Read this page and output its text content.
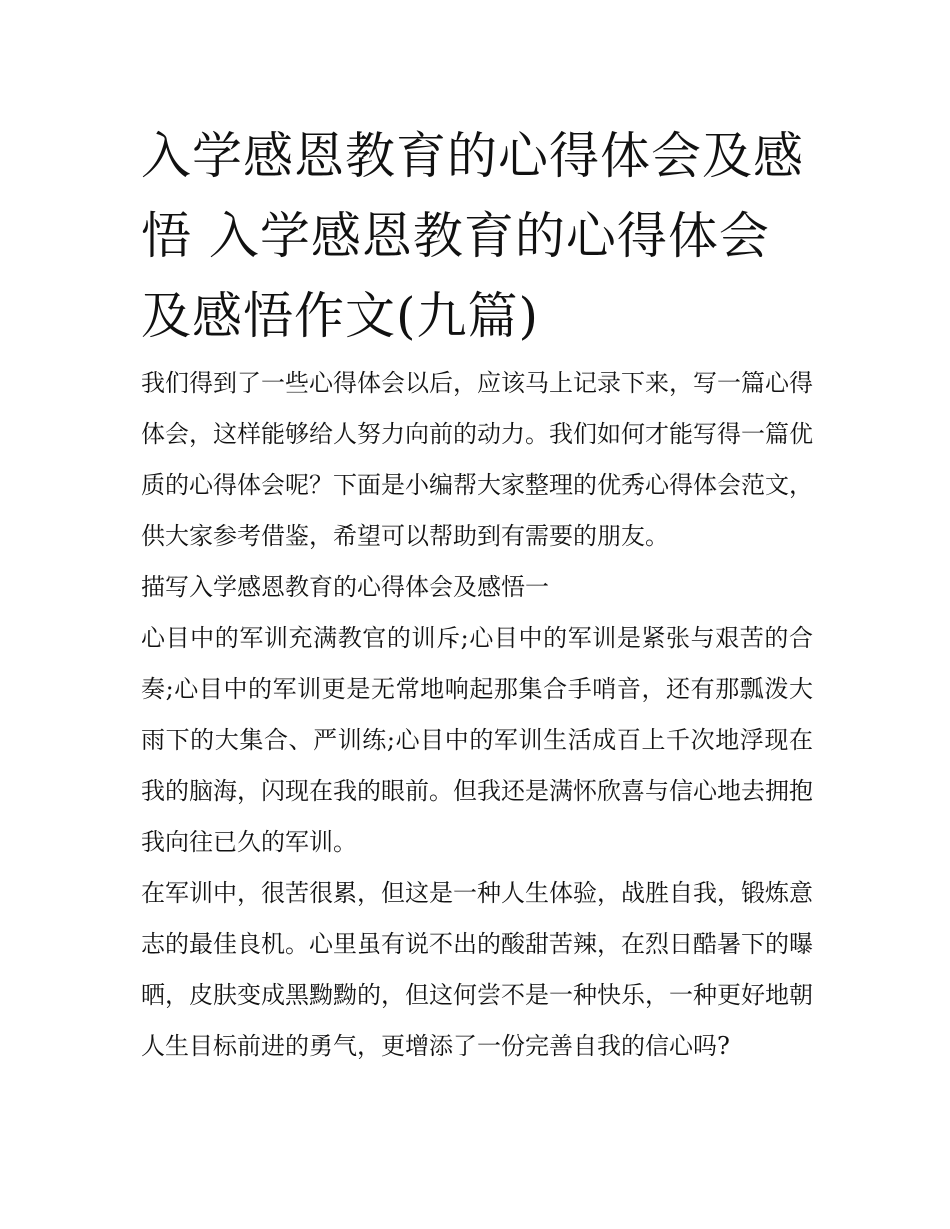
入学感恩教育的心得体会及感悟 入学感恩教育的心得体会及感悟作文(九篇)

我们得到了一些心得体会以后，应该马上记录下来，写一篇心得体会，这样能够给人努力向前的动力。我们如何才能写得一篇优质的心得体会呢？下面是小编帮大家整理的优秀心得体会范文，供大家参考借鉴，希望可以帮助到有需要的朋友。

描写入学感恩教育的心得体会及感悟一

心目中的军训充满教官的训斥;心目中的军训是紧张与艰苦的合奏;心目中的军训更是无常地响起那集合手哨音，还有那瓢泼大雨下的大集合、严训练;心目中的军训生活成百上千次地浮现在我的脑海，闪现在我的眼前。但我还是满怀欣喜与信心地去拥抱我向往已久的军训。

在军训中，很苦很累，但这是一种人生体验，战胜自我，锻炼意志的最佳良机。心里虽有说不出的酸甜苦辣，在烈日酷暑下的曝晒，皮肤变成黑黝黝的，但这何尝不是一种快乐，一种更好地朝人生目标前进的勇气，更增添了一份完善自我的信心吗?
